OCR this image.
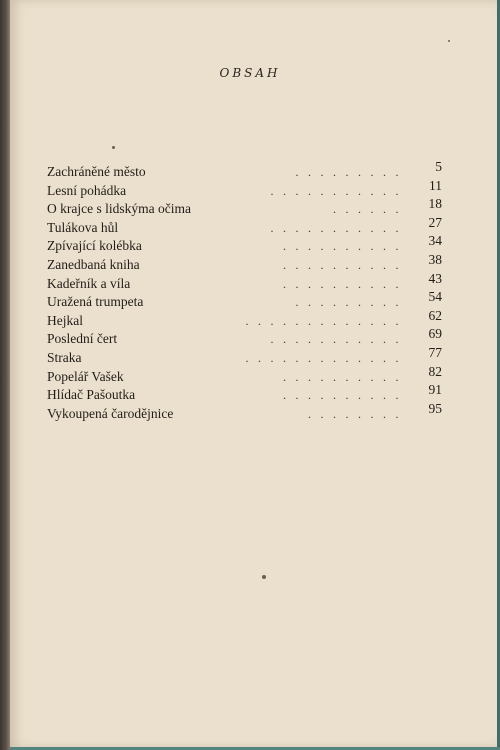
OBSAH
Zachráněné město	.........	5
Lesní pohádka	...........	11
O krajce s lidskýma očima	......	18
Tulákova hůl	...........	27
Zpívající kolébka	..........	34
Zanedbaná kniha	..........	38
Kadeřník a víla	..........	43
Uražená trumpeta	.........	54
Hejkal	.............	62
Poslední čert	...........	69
Straka	.............	77
Popelář Vašek	..........	82
Hlídač Pašoutka	..........	91
Vykoupená čarodějnice	........	95
